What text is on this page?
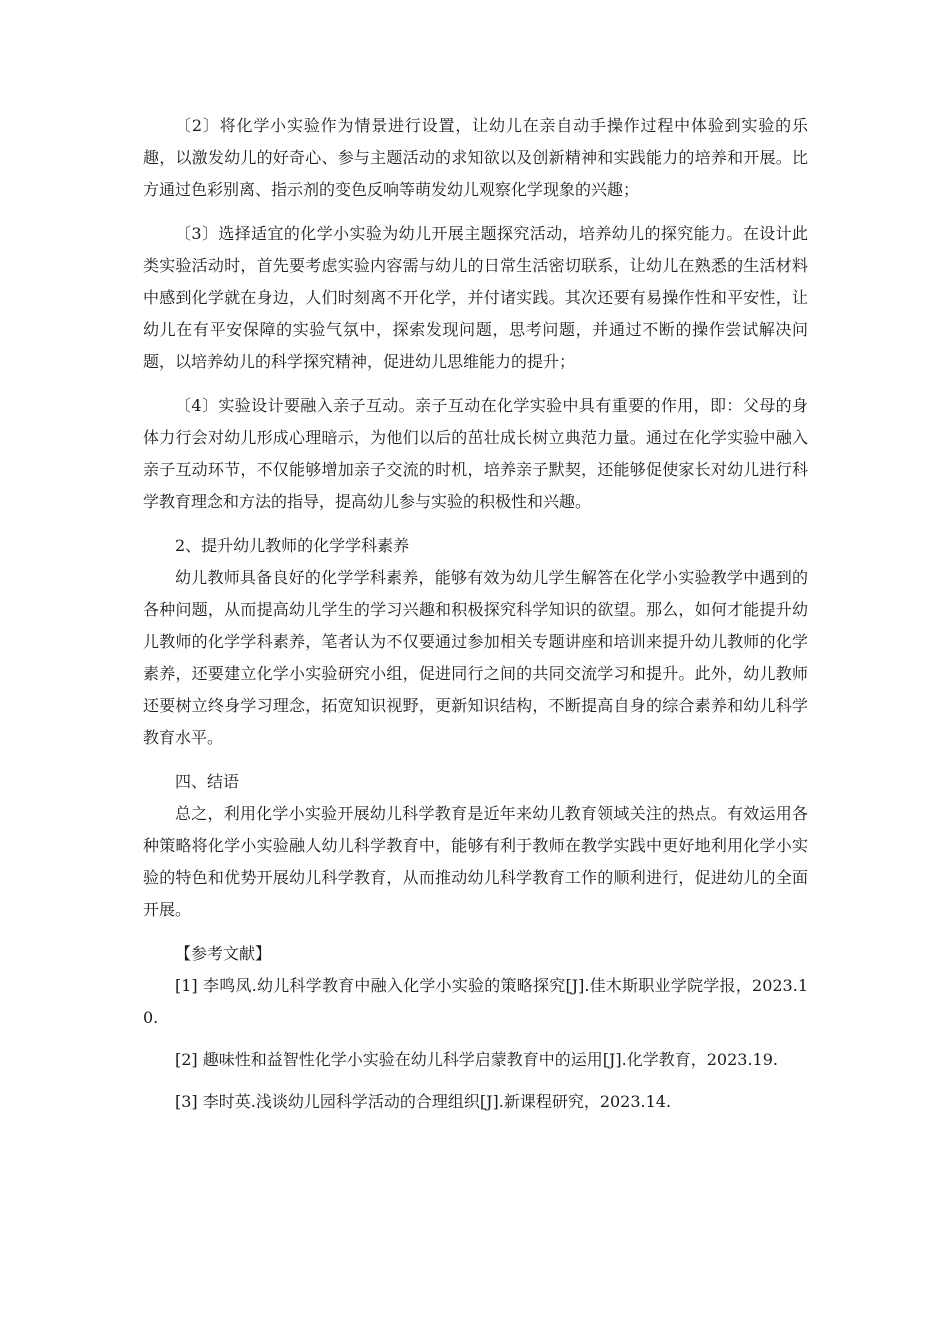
〔2〕将化学小实验作为情景进行设置，让幼儿在亲自动手操作过程中体验到实验的乐趣，以激发幼儿的好奇心、参与主题活动的求知欲以及创新精神和实践能力的培养和开展。比方通过色彩别离、指示剂的变色反响等萌发幼儿观察化学现象的兴趣；

〔3〕选择适宜的化学小实验为幼儿开展主题探究活动，培养幼儿的探究能力。在设计此类实验活动时，首先要考虑实验内容需与幼儿的日常生活密切联系，让幼儿在熟悉的生活材料中感到化学就在身边，人们时刻离不开化学，并付诸实践。其次还要有易操作性和平安性，让幼儿在有平安保障的实验气氛中，探索发现问题，思考问题，并通过不断的操作尝试解决问题，以培养幼儿的科学探究精神，促进幼儿思维能力的提升；

〔4〕实验设计要融入亲子互动。亲子互动在化学实验中具有重要的作用，即：父母的身体力行会对幼儿形成心理暗示，为他们以后的茁壮成长树立典范力量。通过在化学实验中融入亲子互动环节，不仅能够增加亲子交流的时机，培养亲子默契，还能够促使家长对幼儿进行科学教育理念和方法的指导，提高幼儿参与实验的积极性和兴趣。

2、提升幼儿教师的化学学科素养

幼儿教师具备良好的化学学科素养，能够有效为幼儿学生解答在化学小实验教学中遇到的各种问题，从而提高幼儿学生的学习兴趣和积极探究科学知识的欲望。那么，如何才能提升幼儿教师的化学学科素养，笔者认为不仅要通过参加相关专题讲座和培训来提升幼儿教师的化学素养，还要建立化学小实验研究小组，促进同行之间的共同交流学习和提升。此外，幼儿教师还要树立终身学习理念，拓宽知识视野，更新知识结构，不断提高自身的综合素养和幼儿科学教育水平。

四、结语

总之，利用化学小实验开展幼儿科学教育是近年来幼儿教育领域关注的热点。有效运用各种策略将化学小实验融人幼儿科学教育中，能够有利于教师在教学实践中更好地利用化学小实验的特色和优势开展幼儿科学教育，从而推动幼儿科学教育工作的顺利进行，促进幼儿的全面开展。

【参考文献】

[1] 李鸣凤.幼儿科学教育中融入化学小实验的策略探究[J].佳木斯职业学院学报，2023.10.

[2] 趣味性和益智性化学小实验在幼儿科学启蒙教育中的运用[J].化学教育，2023.19.

[3] 李时英.浅谈幼儿园科学活动的合理组织[J].新课程研究，2023.14.
